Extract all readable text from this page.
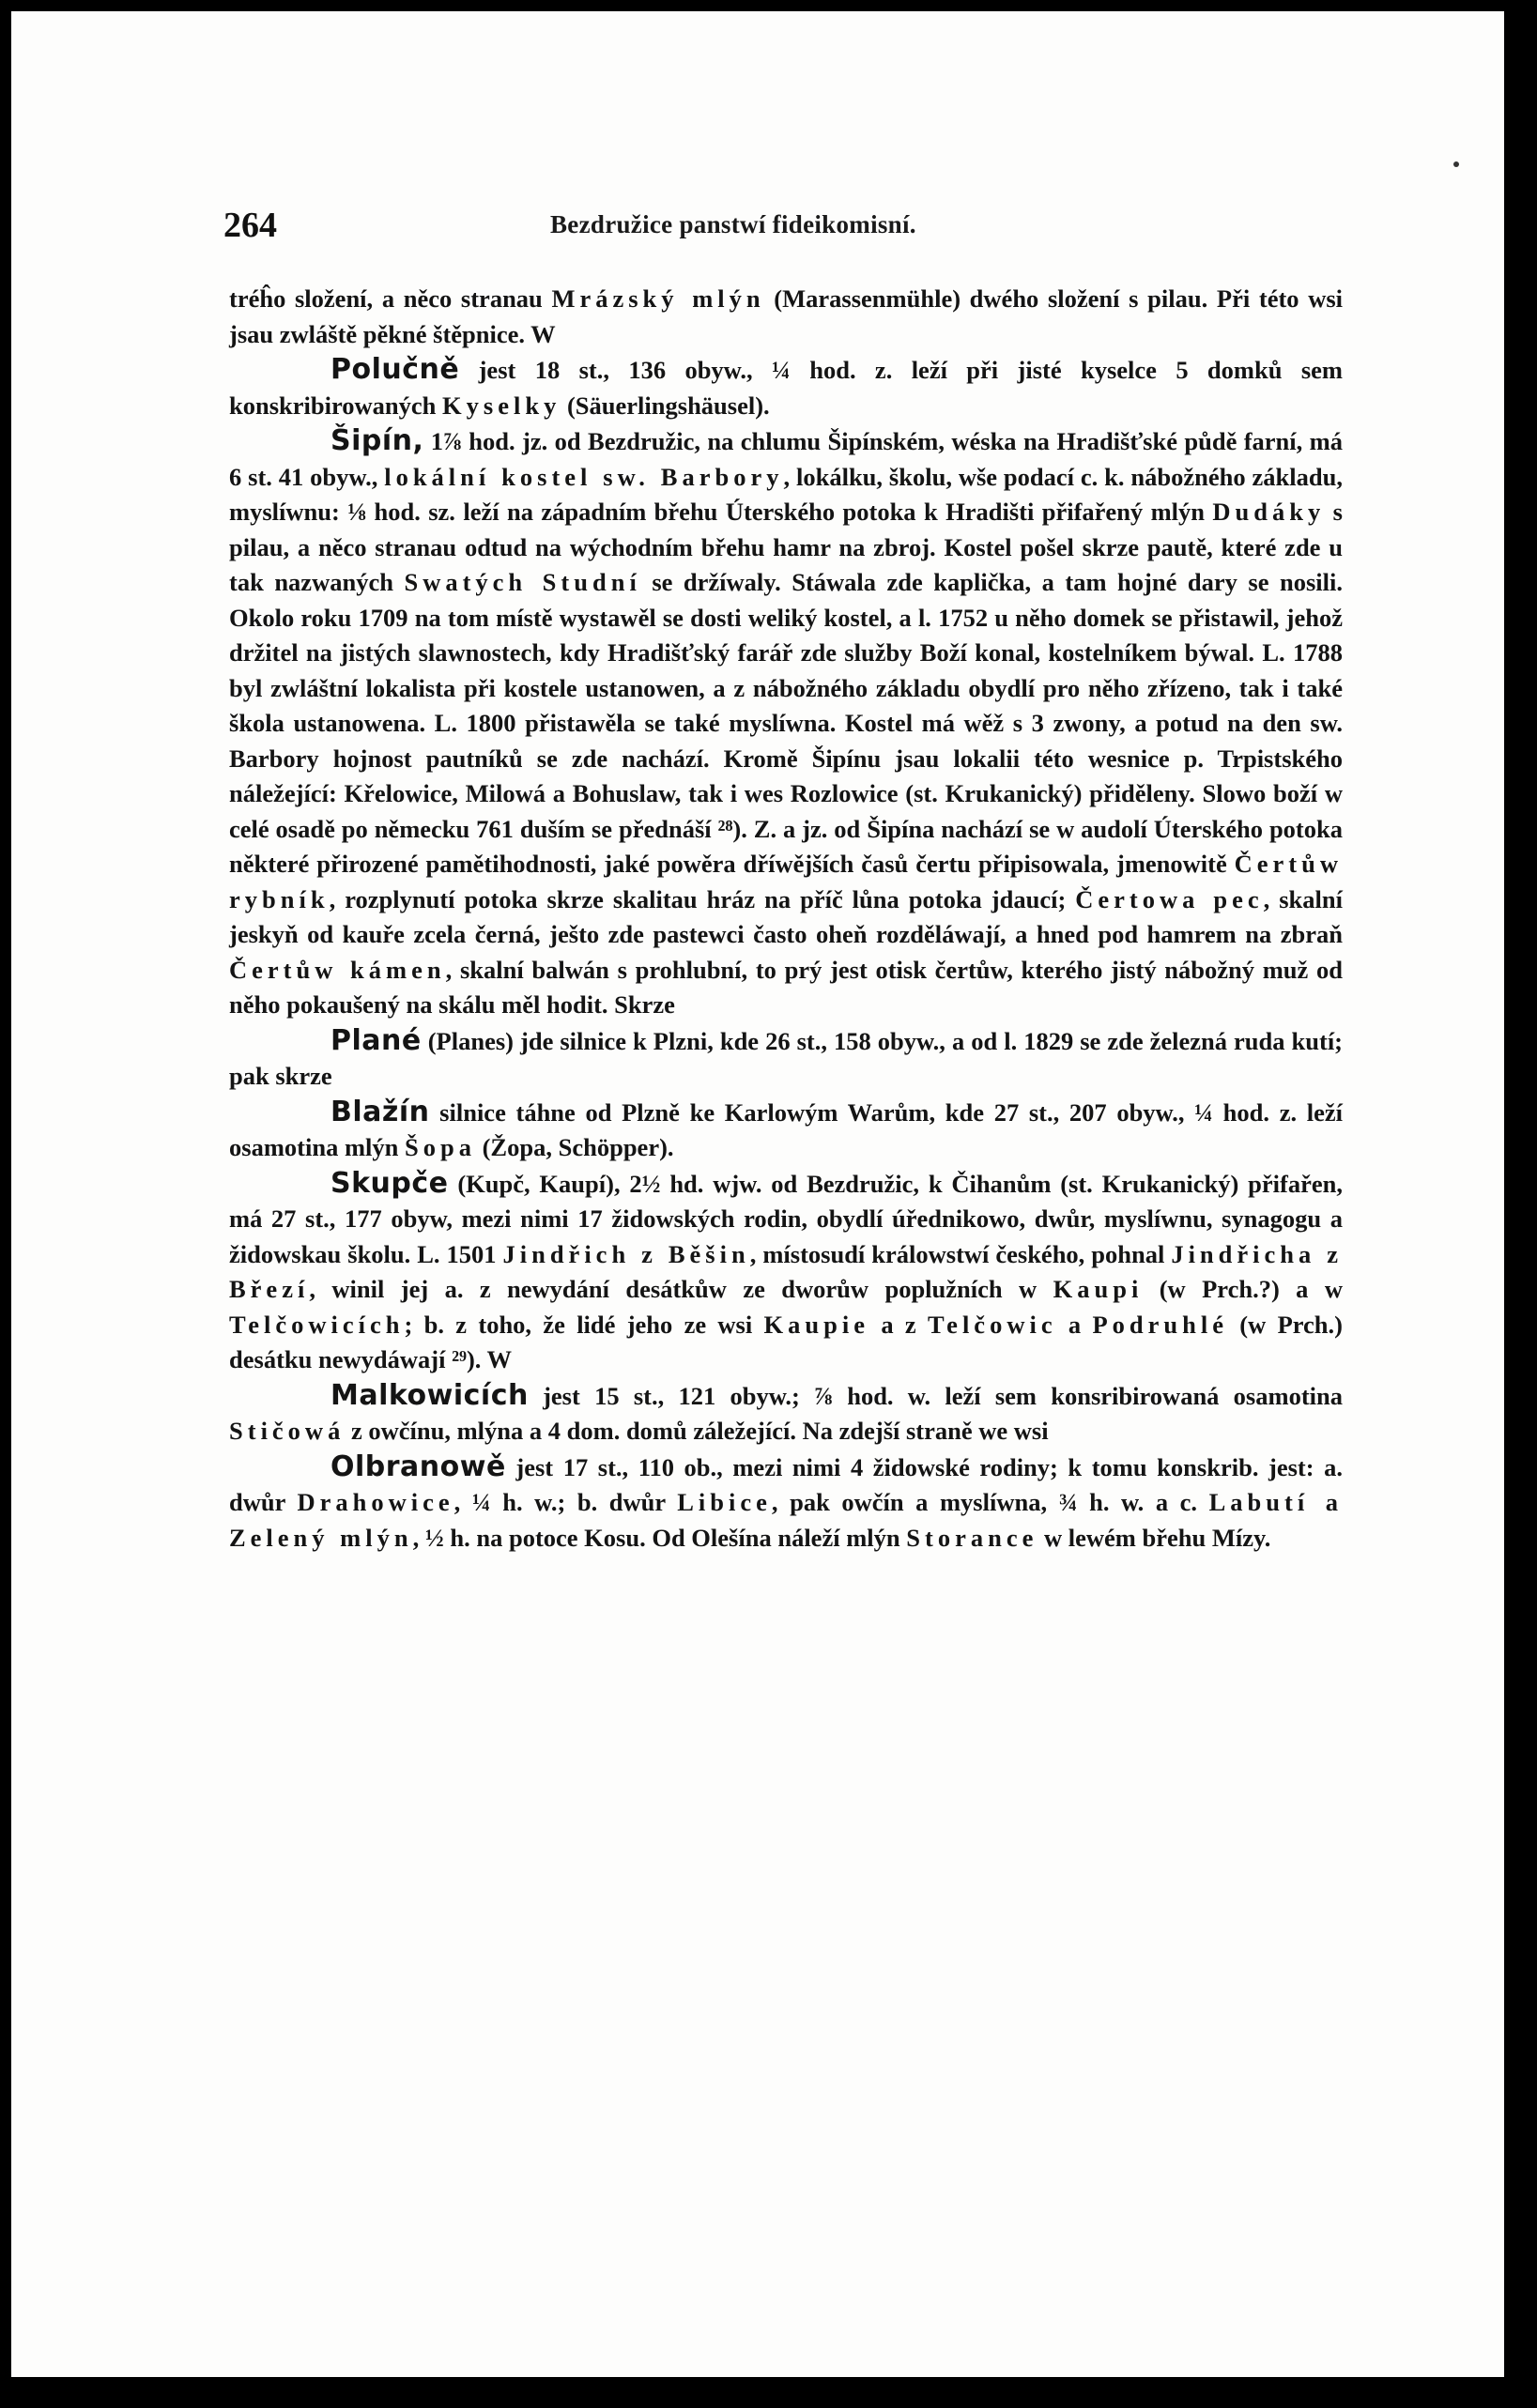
264	Bezdružice panstwí fideikomisní.

tréĥo složení, a něco stranau Mrázský mlýn (Marassenmühle) dwého složení s pilau. Při této wsi jsau zwláště pěkné štěpnice. W

Polučně jest 18 st., 136 obyw., ¼ hod. z. leží při jisté kyselce 5 domků sem konskribirowaných Kyselky (Säuerlingshäusel).

Šipín, 1⅞ hod. jz. od Bezdružic, na chlumu Šipínském, wéska na Hradišťské půdě farní, má 6 st. 41 obyw., lokální kostel sw. Barbory, lokálku, školu, wše podací c. k. nábožného základu, myslíwnu: ⅛ hod. sz. leží na západním břehu Úterského potoka k Hradišti přifařený mlýn Dudáky s pilau, a něco stranau odtud na wýchodním břehu hamr na zbroj. Kostel pošel skrze pautě, které zde u tak nazwaných Swatých Studní se držíwaly. Stáwala zde kaplička, a tam hojné dary se nosili. Okolo roku 1709 na tom místě wystawěl se dosti weliký kostel, a l. 1752 u něho domek se přistawil, jehož držitel na jistých slawnostech, kdy Hradišťský farář zde služby Boží konal, kostelníkem býwal. L. 1788 byl zwláštní lokalista při kostele ustanowen, a z nábožného základu obydlí pro něho zřízeno, tak i také škola ustanowena. L. 1800 přistawěla se také myslíwna. Kostel má wěž s 3 zwony, a potud na den sw. Barbory hojnost pautníků se zde nachází. Kromě Šipínu jsau lokalii této wesnice p. Trpistského náležející: Křelowice, Milowá a Bohuslaw, tak i wes Rozlowice (st. Krukanický) přiděleny. Slowo boží w celé osadě po německu 761 duším se přednáší ²⁸). Z. a jz. od Šipína nachází se w audolí Úterského potoka některé přirozené pamětihodnosti, jaké powěra dříwějších časů čertu připisowala, jmenowitě Čertůw rybník, rozplynutí potoka skrze skalitau hráz na příč lůna potoka jdaucí; Čertowa pec, skalní jeskyň od kauře zcela černá, ješto zde pastewci často oheň rozděláwají, a hned pod hamrem na zbraň Čertůw kámen, skalní balwán s prohlubní, to prý jest otisk čertůw, kterého jistý nábožný muž od něho pokaušený na skálu měl hodit. Skrze

Plané (Planes) jde silnice k Plzni, kde 26 st., 158 obyw., a od l. 1829 se zde železná ruda kutí; pak skrze

Blažín silnice táhne od Plzně ke Karlowým Warům, kde 27 st., 207 obyw., ¼ hod. z. leží osamotina mlýn Šopa (Žopa, Schöpper).

Skupče (Kupč, Kaupí), 2½ hd. wjw. od Bezdružic, k Čihanům (st. Krukanický) přifařen, má 27 st., 177 obyw, mezi nimi 17 židowských rodin, obydlí úřednikowo, dwůr, myslíwnu, synagogu a židowskau školu. L. 1501 Jindřich z Běšin, místosudí králowstwí českého, pohnal Jindřicha z Březí, winil jej a. z newydání desátkůw ze dworůw poplužních w Kaupi (w Prch.?) a w Telčowicích; b. z toho, že lidé jeho ze wsi Kaupie a z Telčowic a Podruhlé (w Prch.) desátku newydáwají ²⁹). W

Malkowicích jest 15 st., 121 obyw.; ⅞ hod. w. leží sem konsribirowaná osamotina Stičowá z owčínu, mlýna a 4 dom. domů záležející. Na zdejší straně we wsi

Olbranowě jest 17 st., 110 ob., mezi nimi 4 židowské rodiny; k tomu konskrib. jest: a. dwůr Drahowice, ¼ h. w.; b. dwůr Libice, pak owčín a myslíwna, ¾ h. w. a c. Labutí a Zelený mlýn, ½ h. na potoce Kosu. Od Olešína náleží mlýn Storance w lewém břehu Mízy.
